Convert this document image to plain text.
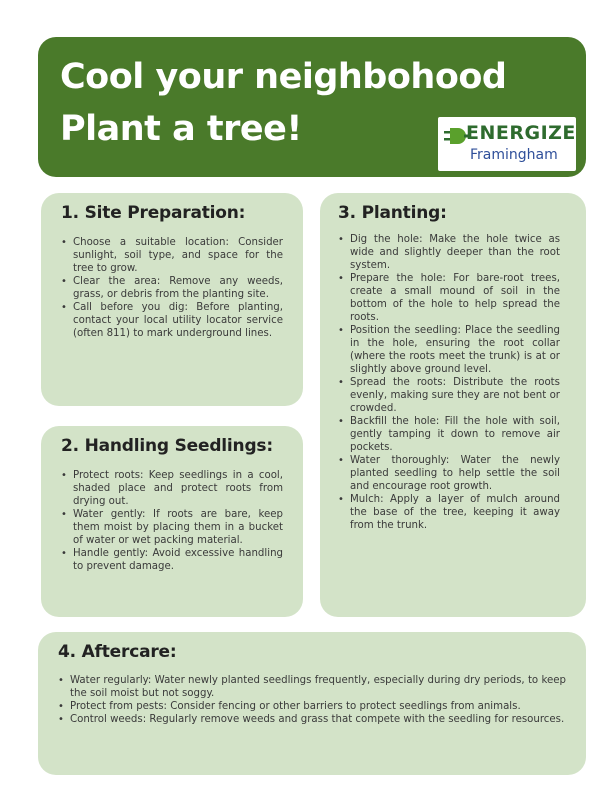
Cool your neighbohood
Plant a tree!	ENERGIZE
Framingham
1. Site Preparation:
• Choose a suitable location: Consider sunlight, soil type, and space for the tree to grow.
• Clear the area: Remove any weeds, grass, or debris from the planting site.
• Call before you dig: Before planting, contact your local utility locator service (often 811) to mark underground lines.
2. Handling Seedlings:
• Protect roots: Keep seedlings in a cool, shaded place and protect roots from drying out.
• Water gently: If roots are bare, keep them moist by placing them in a bucket of water or wet packing material.
• Handle gently: Avoid excessive handling to prevent damage.
3. Planting:
• Dig the hole: Make the hole twice as wide and slightly deeper than the root system.
• Prepare the hole: For bare-root trees, create a small mound of soil in the bottom of the hole to help spread the roots.
• Position the seedling: Place the seedling in the hole, ensuring the root collar (where the roots meet the trunk) is at or slightly above ground level.
• Spread the roots: Distribute the roots evenly, making sure they are not bent or crowded.
• Backfill the hole: Fill the hole with soil, gently tamping it down to remove air pockets.
• Water thoroughly: Water the newly planted seedling to help settle the soil and encourage root growth.
• Mulch: Apply a layer of mulch around the base of the tree, keeping it away from the trunk.
4. Aftercare:
• Water regularly: Water newly planted seedlings frequently, especially during dry periods, to keep the soil moist but not soggy.
• Protect from pests: Consider fencing or other barriers to protect seedlings from animals.
• Control weeds: Regularly remove weeds and grass that compete with the seedling for resources.
